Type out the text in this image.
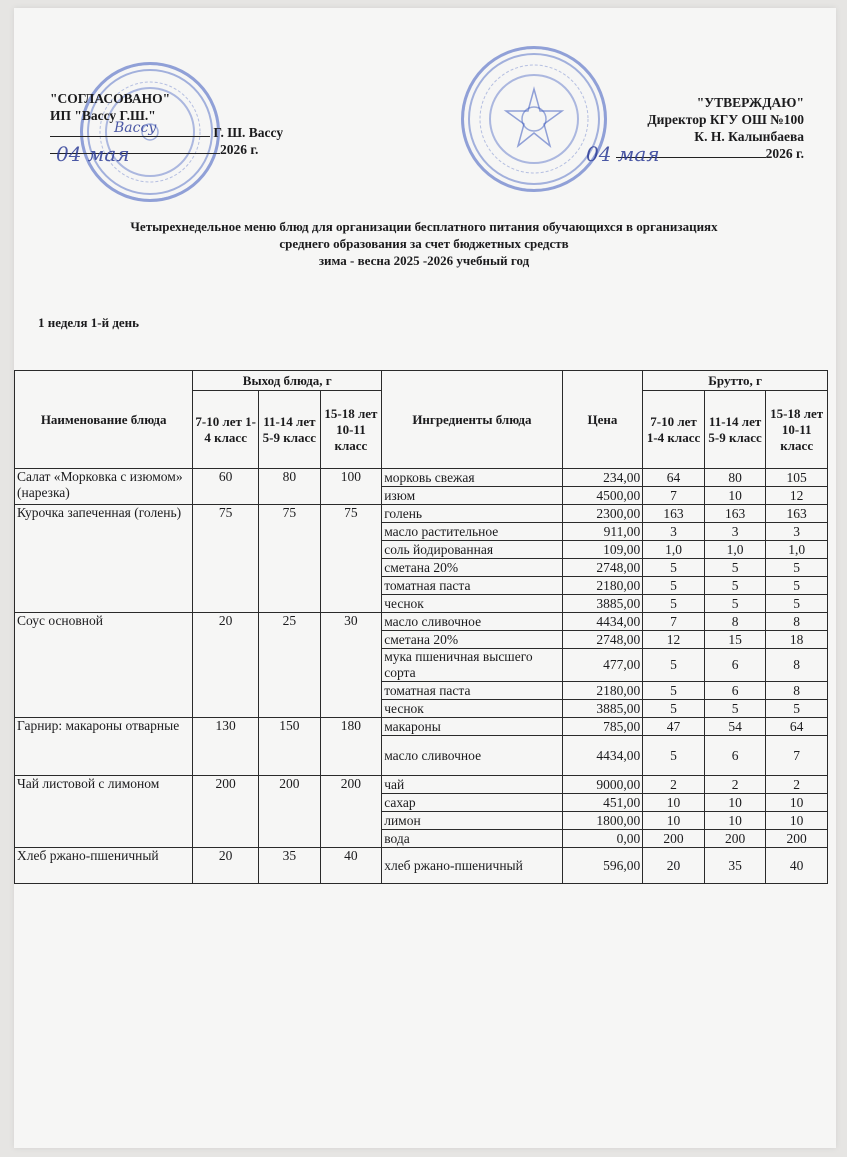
"СОГЛАСОВАНО"
ИП "Вассу Г.Ш."
Г. Ш. Вассу
2026 г.
Вассу
04 мая
"УТВЕРЖДАЮ"
Директор КГУ ОШ №100
К. Н. Калынбаева
2026 г.
04 мая
Четырехнедельное меню блюд для организации бесплатного питания обучающихся в организациях
среднего образования за счет бюджетных средств
зима - весна 2025 -2026 учебный год
1 неделя 1-й день
Наименование блюда	Выход блюда, г			Ингредиенты блюда	Цена	Брутто, г		
	7-10 лет 1-4 класс	11-14 лет 5-9 класс	15-18 лет 10-11 класс			7-10 лет 1-4 класс	11-14 лет 5-9 класс	15-18 лет 10-11 класс
Салат «Морковка с изюмом» (нарезка)	60	80	100	морковь свежая	234,00	64	80	105
				изюм	4500,00	7	10	12
Курочка запеченная (голень)	75	75	75	голень	2300,00	163	163	163
				масло растительное	911,00	3	3	3
				соль йодированная	109,00	1,0	1,0	1,0
				сметана 20%	2748,00	5	5	5
				томатная паста	2180,00	5	5	5
				чеснок	3885,00	5	5	5
Соус основной	20	25	30	масло сливочное	4434,00	7	8	8
				сметана 20%	2748,00	12	15	18
				мука пшеничная высшего сорта	477,00	5	6	8
				томатная паста	2180,00	5	6	8
				чеснок	3885,00	5	5	5
Гарнир: макароны отварные	130	150	180	макароны	785,00	47	54	64
				масло сливочное	4434,00	5	6	7
Чай листовой с лимоном	200	200	200	чай	9000,00	2	2	2
				сахар	451,00	10	10	10
				лимон	1800,00	10	10	10
				вода	0,00	200	200	200
Хлеб ржано-пшеничный	20	35	40	хлеб ржано-пшеничный	596,00	20	35	40
